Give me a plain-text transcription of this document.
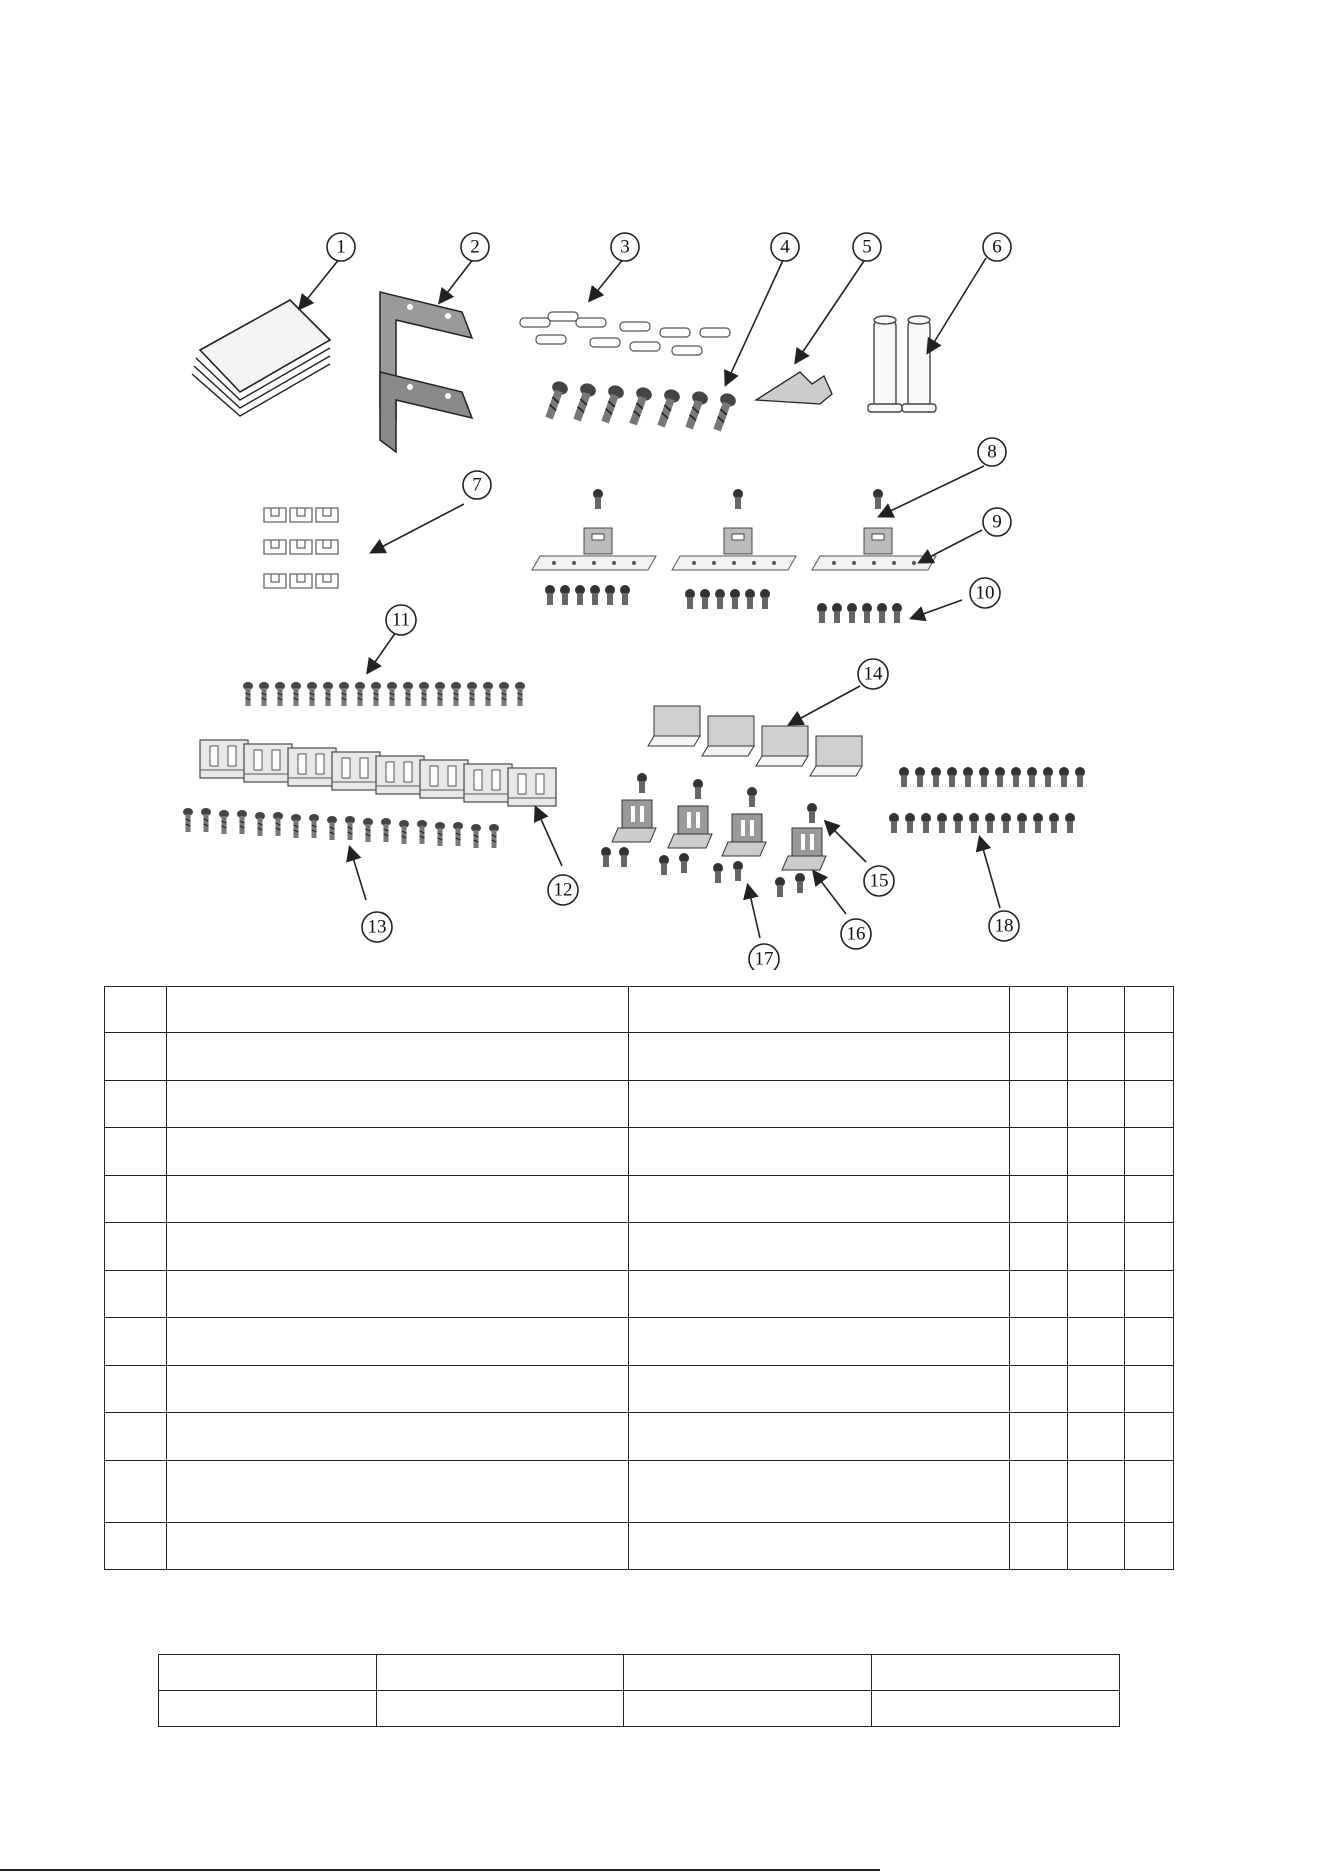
1	2	3	4	5	6
7
8
9
10
11
12
13
14
15
16
17
18
